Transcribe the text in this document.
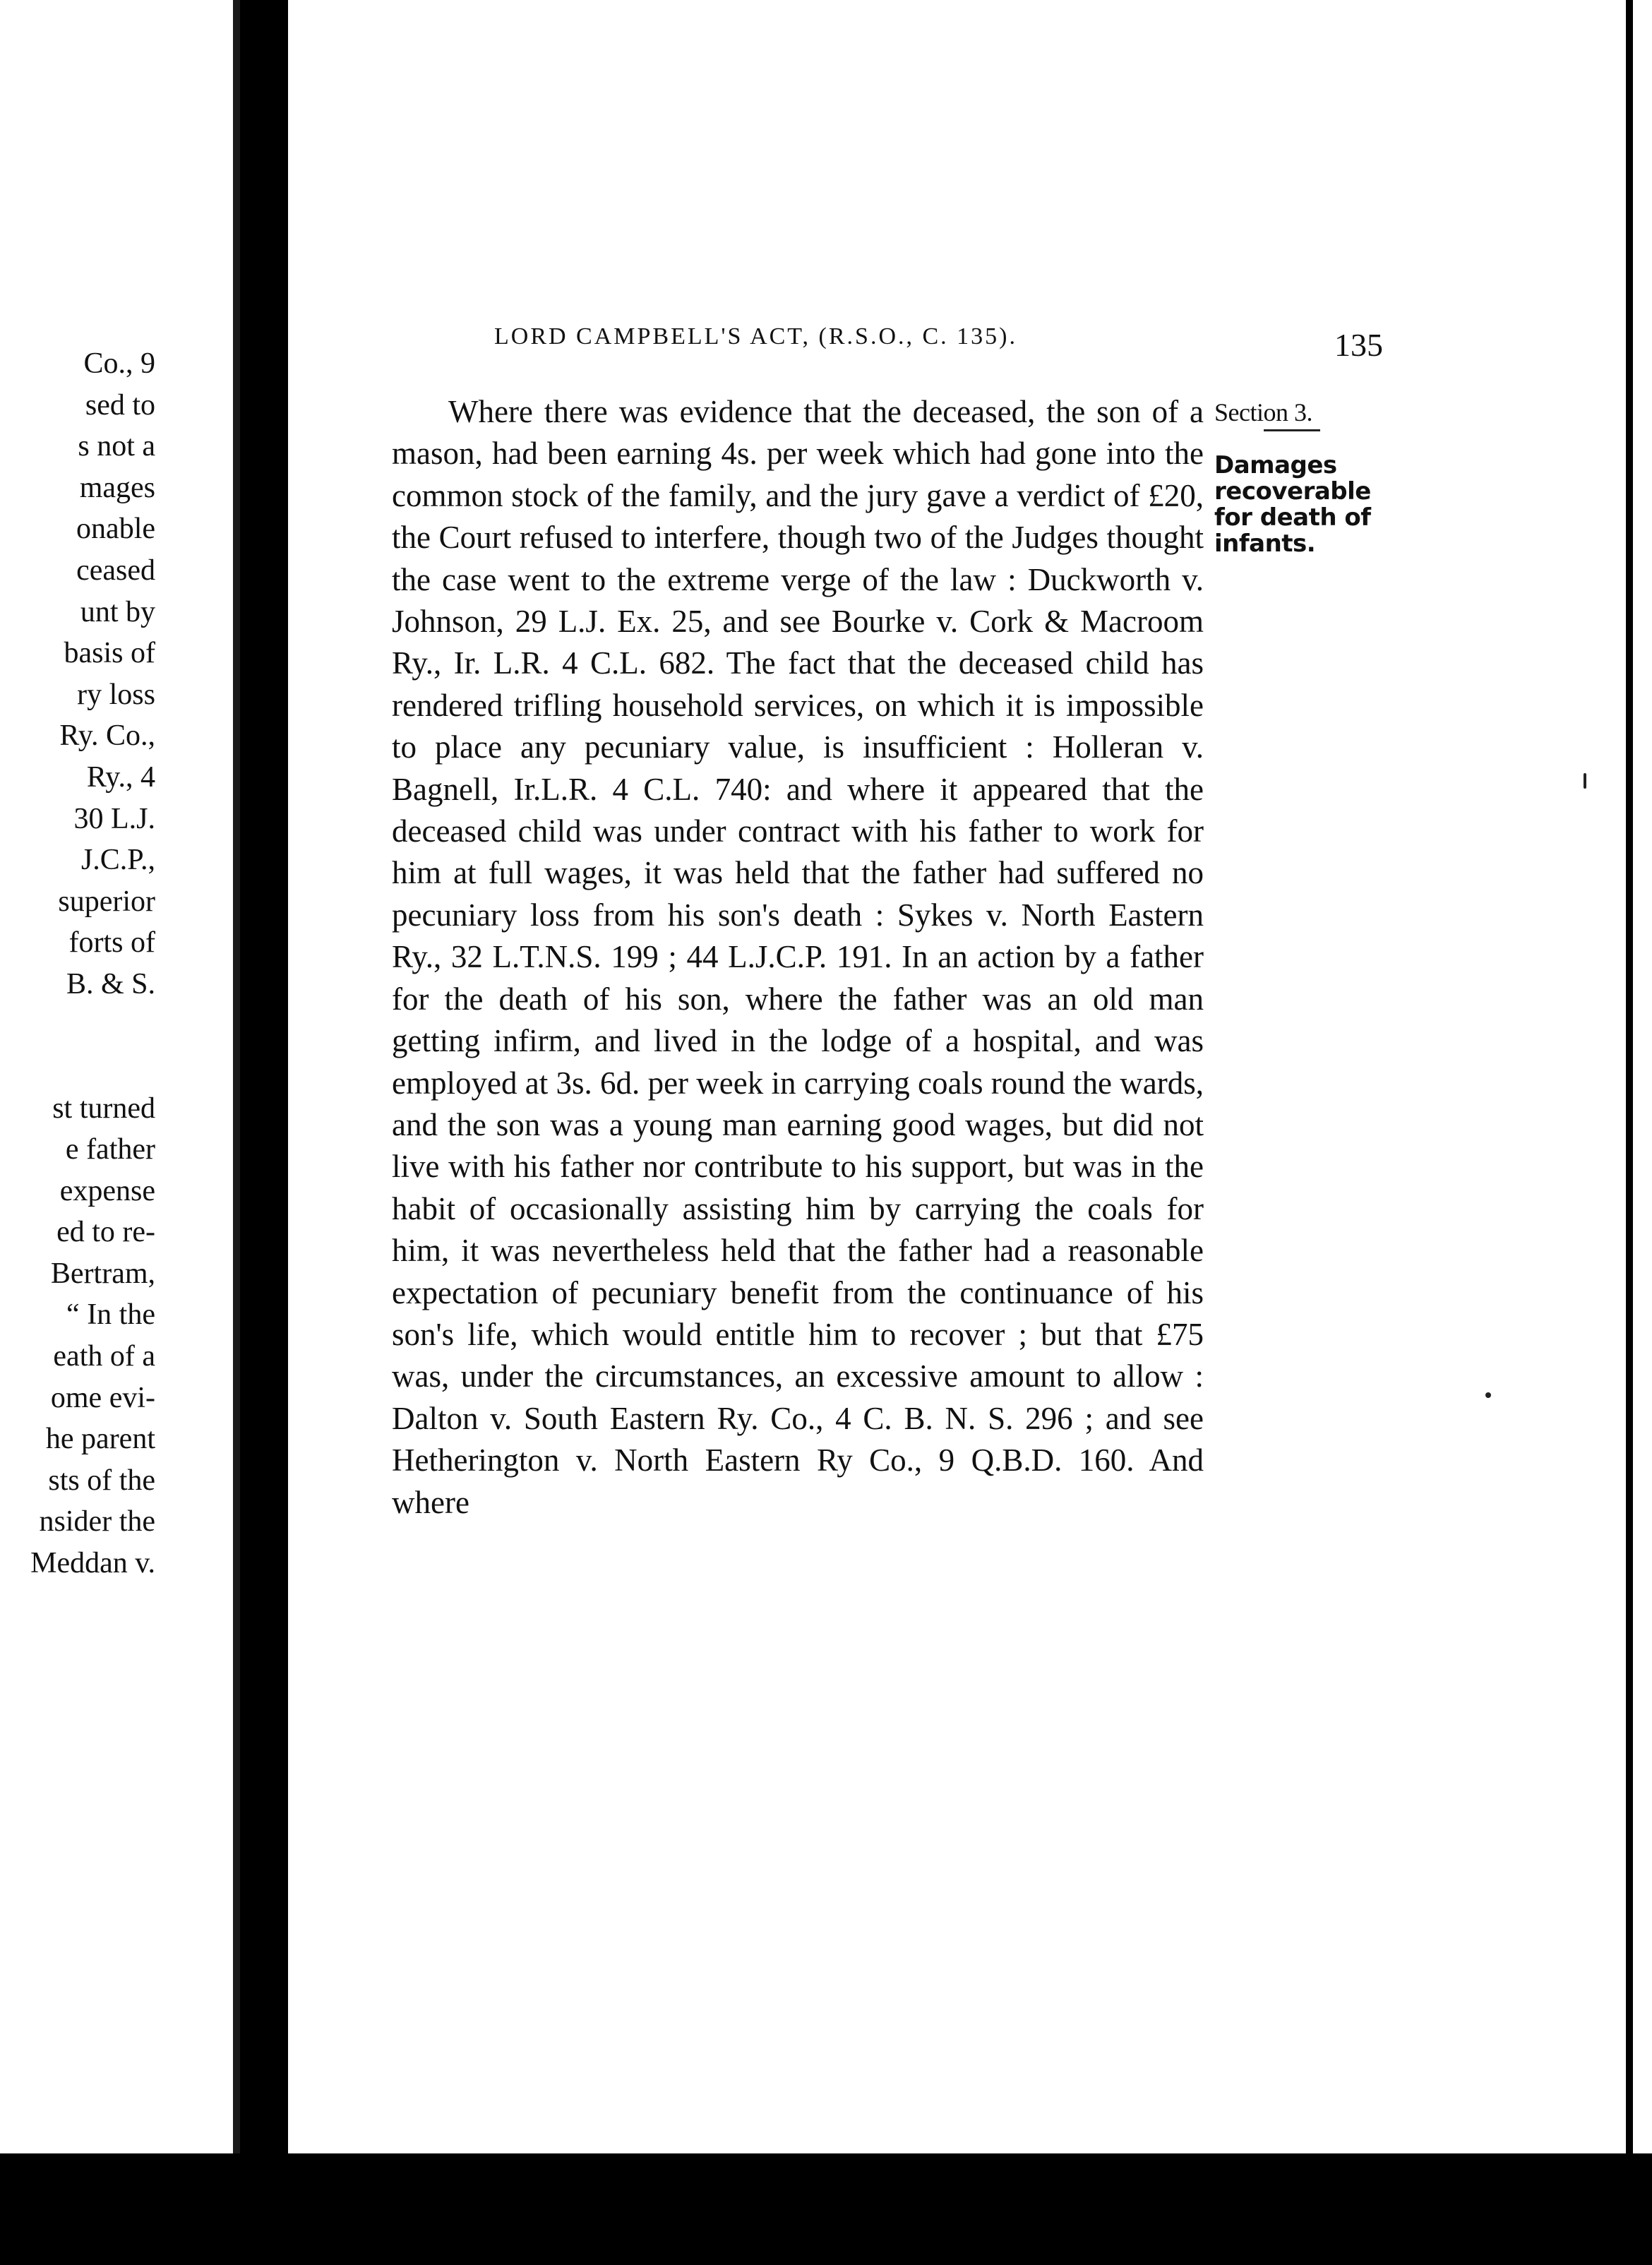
Co., 9
sed to
s not a
mages
onable
ceased
unt by
basis of
ry loss
Ry. Co.,
Ry., 4
30 L.J.
J.C.P.,
superior
forts of
B. & S.
st turned
e father
expense
ed to re-
Bertram,
“ In the
eath of a
ome evi-
he parent
sts of the
nsider the
Meddan v.
LORD CAMPBELL'S ACT, (R.S.O., C. 135).	135
Section 3.
Damages recoverable for death of infants.
Where there was evidence that the deceased, the son of a mason, had been earning 4s. per week which had gone into the common stock of the family, and the jury gave a verdict of £20, the Court refused to interfere, though two of the Judges thought the case went to the extreme verge of the law : Duckworth v. Johnson, 29 L.J. Ex. 25, and see Bourke v. Cork & Macroom Ry., Ir. L.R. 4 C.L. 682. The fact that the deceased child has rendered trifling household services, on which it is impossible to place any pecuniary value, is insufficient : Holleran v. Bagnell, Ir.L.R. 4 C.L. 740: and where it appeared that the deceased child was under contract with his father to work for him at full wages, it was held that the father had suffered no pecuniary loss from his son's death : Sykes v. North Eastern Ry., 32 L.T.N.S. 199 ; 44 L.J.C.P. 191. In an action by a father for the death of his son, where the father was an old man getting infirm, and lived in the lodge of a hospital, and was employed at 3s. 6d. per week in carrying coals round the wards, and the son was a young man earning good wages, but did not live with his father nor contribute to his support, but was in the habit of occasionally assisting him by carrying the coals for him, it was nevertheless held that the father had a reasonable expectation of pecuniary benefit from the continuance of his son's life, which would entitle him to recover ; but that £75 was, under the circumstances, an excessive amount to allow : Dalton v. South Eastern Ry. Co., 4 C. B. N. S. 296 ; and see Hetherington v. North Eastern Ry Co., 9 Q.B.D. 160. And where
